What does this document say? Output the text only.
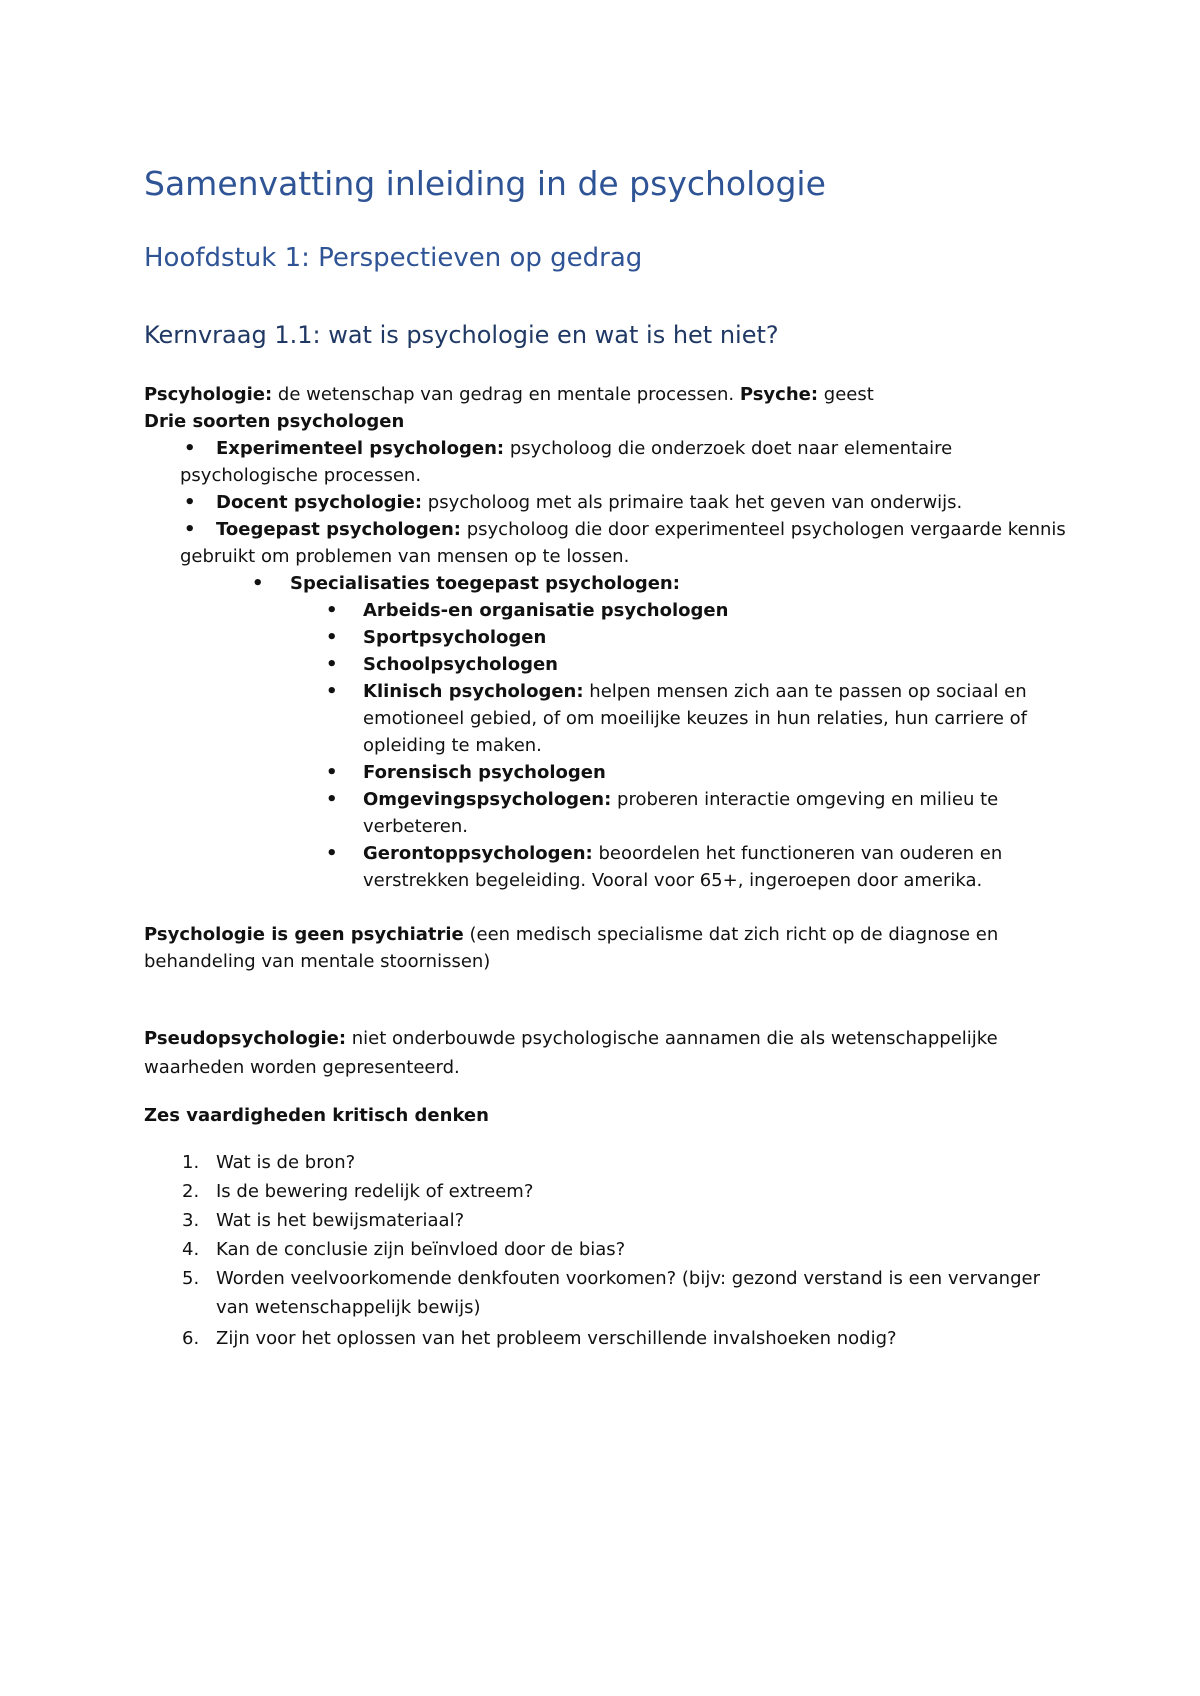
Samenvatting inleiding in de psychologie
Hoofdstuk 1: Perspectieven op gedrag
Kernvraag 1.1: wat is psychologie en wat is het niet?

Pscyhologie: de wetenschap van gedrag en mentale processen. Psyche: geest

Drie soorten psychologen

• Experimenteel psychologen: psycholoog die onderzoek doet naar elementaire

psychologische processen.

• Docent psychologie: psycholoog met als primaire taak het geven van onderwijs.

• Toegepast psychologen: psycholoog die door experimenteel psychologen vergaarde kennis

gebruikt om problemen van mensen op te lossen.

• Specialisaties toegepast psychologen:

• Arbeids-en organisatie psychologen

• Sportpsychologen

• Schoolpsychologen

• Klinisch psychologen: helpen mensen zich aan te passen op sociaal en

emotioneel gebied, of om moeilijke keuzes in hun relaties, hun carriere of

opleiding te maken.

• Forensisch psychologen

• Omgevingspsychologen: proberen interactie omgeving en milieu te

verbeteren.

• Gerontoppsychologen: beoordelen het functioneren van ouderen en

verstrekken begeleiding. Vooral voor 65+, ingeroepen door amerika.

Psychologie is geen psychiatrie (een medisch specialisme dat zich richt op de diagnose en

behandeling van mentale stoornissen)

Pseudopsychologie: niet onderbouwde psychologische aannamen die als wetenschappelijke

waarheden worden gepresenteerd.

Zes vaardigheden kritisch denken

1. Wat is de bron?

2. Is de bewering redelijk of extreem?

3. Wat is het bewijsmateriaal?

4. Kan de conclusie zijn beïnvloed door de bias?

5. Worden veelvoorkomende denkfouten voorkomen? (bijv: gezond verstand is een vervanger

van wetenschappelijk bewijs)

6. Zijn voor het oplossen van het probleem verschillende invalshoeken nodig?
